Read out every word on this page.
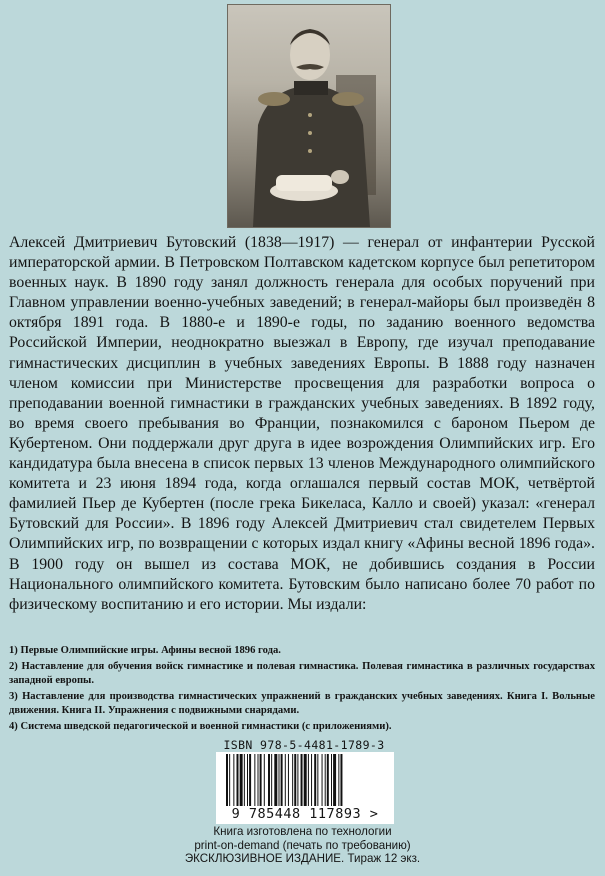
Алексей Дмитриевич Бутовский (1838—1917) — генерал от инфантерии Русской императорской армии. В Петровском Полтавском кадетском корпусе был репетитором военных наук. В 1890 году занял должность генерала для особых поручений при Главном управлении военно-учебных заведений; в генерал-майоры был произведён 8 октября 1891 года. В 1880-е и 1890-е годы, по заданию военного ведомства Российской Империи, неоднократно выезжал в Европу, где изучал преподавание гимнастических дисциплин в учебных заведениях Европы. В 1888 году назначен членом комиссии при Министерстве просвещения для разработки вопроса о преподавании военной гимнастики в гражданских учебных заведениях. В 1892 году, во время своего пребывания во Франции, познакомился с бароном Пьером де Кубертеном. Они поддержали друг друга в идее возрождения Олимпийских игр. Его кандидатура была внесена в список первых 13 членов Международного олимпийского комитета и 23 июня 1894 года, когда оглашался первый состав МОК, четвёртой фамилией Пьер де Кубертен (после грека Бикеласа, Калло и своей) указал: «генерал Бутовский для России». В 1896 году Алексей Дмитриевич стал свидетелем Первых Олимпийских игр, по возвращении с которых издал книгу «Афины весной 1896 года». В 1900 году он вышел из состава МОК, не добившись создания в России Национального олимпийского комитета. Бутовским было написано более 70 работ по физическому воспитанию и его истории. Мы издали:

1) Первые Олимпийские игры. Афины весной 1896 года.
2) Наставление для обучения войск гимнастике и полевая гимнастика. Полевая гимнастика в различных государствах западной европы.
3) Наставление для производства гимнастических упражнений в гражданских учебных заведениях. Книга I. Вольные движения. Книга II. Упражнения с подвижными снарядами.
4) Система шведской педагогической и военной гимнастики (с приложениями).
ISBN 978-5-4481-1789-3
9 785448 117893 >
Книга изготовлена по технологии
print-on-demand (печать по требованию)
ЭКСКЛЮЗИВНОЕ ИЗДАНИЕ. Тираж 12 экз.
